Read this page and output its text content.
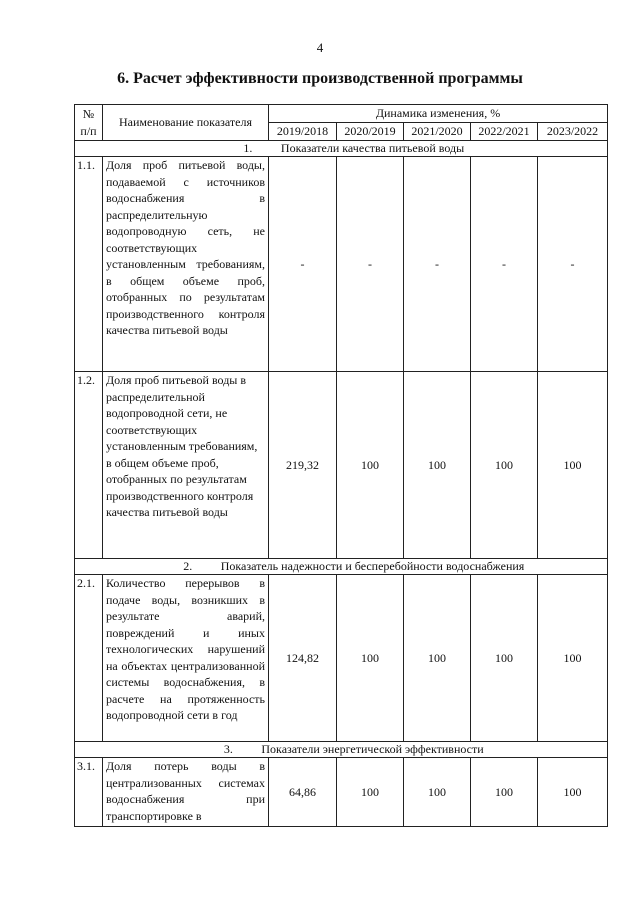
4
6. Расчет эффективности производственной программы
№
п/п	Наименование показателя	Динамика изменения, %				
		2019/2018	2020/2019	2021/2020	2022/2021	2023/2022
1. Показатели качества питьевой воды						
1.1.	Доля проб питьевой воды, подаваемой с источников водоснабжения в распределительную водопроводную сеть, не соответствующих установленным требованиям, в общем объеме проб, отобранных по результатам производственного контроля качества питьевой воды	-	-	-	-	-
1.2.	Доля проб питьевой воды в распределительной водопроводной сети, не соответствующих установленным требованиям, в общем объеме проб, отобранных по результатам производственного контроля качества питьевой воды	219,32	100	100	100	100
2. Показатель надежности и бесперебойности водоснабжения						
2.1.	Количество перерывов в подаче воды, возникших в результате аварий, повреждений и иных технологических нарушений на объектах централизованной системы водоснабжения, в расчете на протяженность водопроводной сети в год	124,82	100	100	100	100
3. Показатели энергетической эффективности						
3.1.	Доля потерь воды в централизованных системах водоснабжения при транспортировке в	64,86	100	100	100	100
